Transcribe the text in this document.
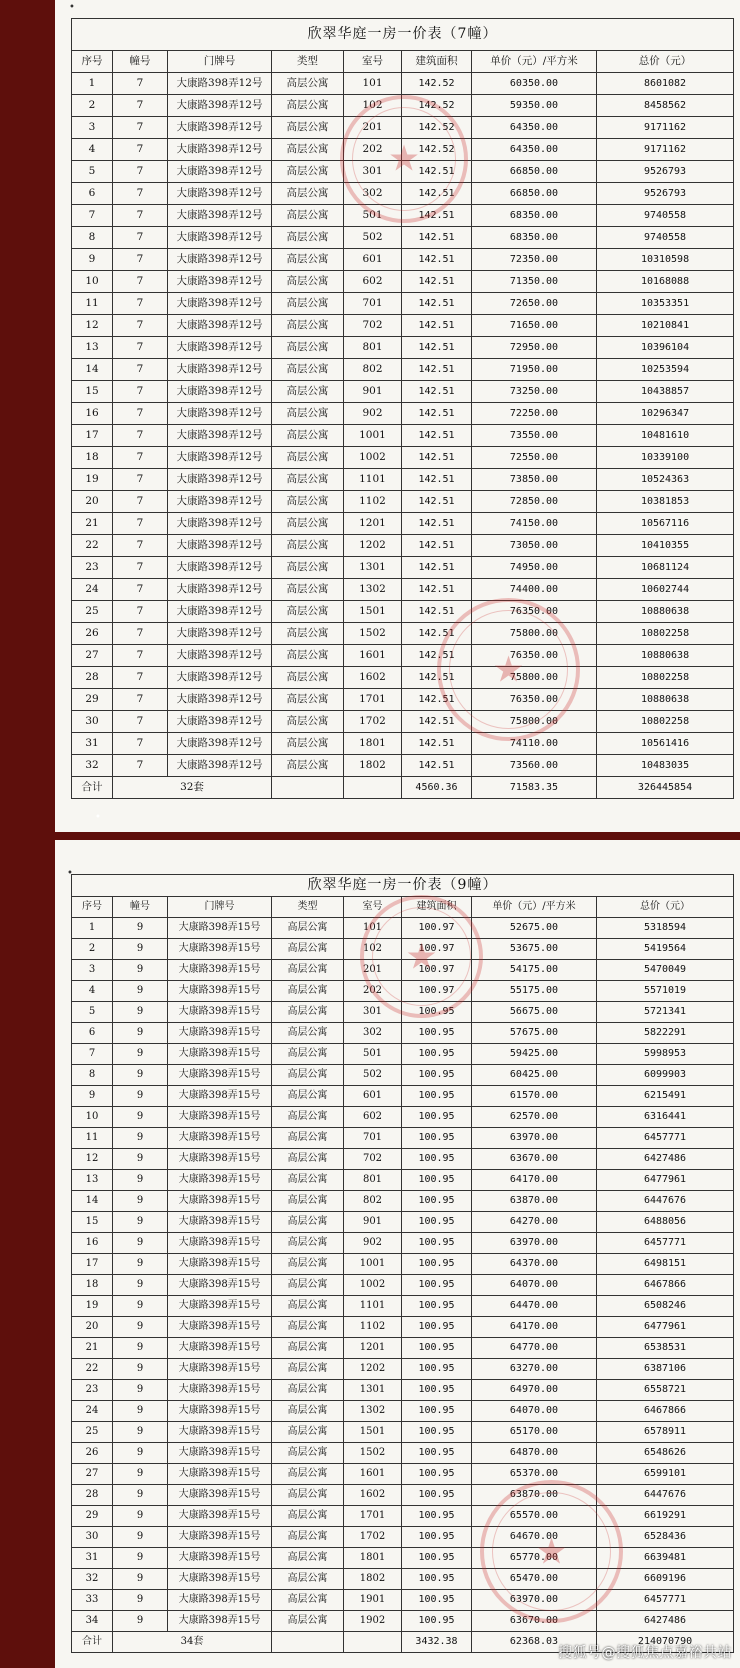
•
欣翠华庭一房一价表（7幢）							
序号	幢号	门牌号	类型	室号	建筑面积	单价（元）/平方米	总价（元）
1	7	大康路398弄12号	高层公寓	101	142.52	60350.00	8601082
2	7	大康路398弄12号	高层公寓	102	142.52	59350.00	8458562
3	7	大康路398弄12号	高层公寓	201	142.52	64350.00	9171162
4	7	大康路398弄12号	高层公寓	202	142.52	64350.00	9171162
5	7	大康路398弄12号	高层公寓	301	142.51	66850.00	9526793
6	7	大康路398弄12号	高层公寓	302	142.51	66850.00	9526793
7	7	大康路398弄12号	高层公寓	501	142.51	68350.00	9740558
8	7	大康路398弄12号	高层公寓	502	142.51	68350.00	9740558
9	7	大康路398弄12号	高层公寓	601	142.51	72350.00	10310598
10	7	大康路398弄12号	高层公寓	602	142.51	71350.00	10168088
11	7	大康路398弄12号	高层公寓	701	142.51	72650.00	10353351
12	7	大康路398弄12号	高层公寓	702	142.51	71650.00	10210841
13	7	大康路398弄12号	高层公寓	801	142.51	72950.00	10396104
14	7	大康路398弄12号	高层公寓	802	142.51	71950.00	10253594
15	7	大康路398弄12号	高层公寓	901	142.51	73250.00	10438857
16	7	大康路398弄12号	高层公寓	902	142.51	72250.00	10296347
17	7	大康路398弄12号	高层公寓	1001	142.51	73550.00	10481610
18	7	大康路398弄12号	高层公寓	1002	142.51	72550.00	10339100
19	7	大康路398弄12号	高层公寓	1101	142.51	73850.00	10524363
20	7	大康路398弄12号	高层公寓	1102	142.51	72850.00	10381853
21	7	大康路398弄12号	高层公寓	1201	142.51	74150.00	10567116
22	7	大康路398弄12号	高层公寓	1202	142.51	73050.00	10410355
23	7	大康路398弄12号	高层公寓	1301	142.51	74950.00	10681124
24	7	大康路398弄12号	高层公寓	1302	142.51	74400.00	10602744
25	7	大康路398弄12号	高层公寓	1501	142.51	76350.00	10880638
26	7	大康路398弄12号	高层公寓	1502	142.51	75800.00	10802258
27	7	大康路398弄12号	高层公寓	1601	142.51	76350.00	10880638
28	7	大康路398弄12号	高层公寓	1602	142.51	75800.00	10802258
29	7	大康路398弄12号	高层公寓	1701	142.51	76350.00	10880638
30	7	大康路398弄12号	高层公寓	1702	142.51	75800.00	10802258
31	7	大康路398弄12号	高层公寓	1801	142.51	74110.00	10561416
32	7	大康路398弄12号	高层公寓	1802	142.51	73560.00	10483035
合计	32套				4560.36	71583.35	326445854
★
★
•
•
欣翠华庭一房一价表（9幢）							
序号	幢号	门牌号	类型	室号	建筑面积	单价（元）/平方米	总价（元）
1	9	大康路398弄15号	高层公寓	101	100.97	52675.00	5318594
2	9	大康路398弄15号	高层公寓	102	100.97	53675.00	5419564
3	9	大康路398弄15号	高层公寓	201	100.97	54175.00	5470049
4	9	大康路398弄15号	高层公寓	202	100.97	55175.00	5571019
5	9	大康路398弄15号	高层公寓	301	100.95	56675.00	5721341
6	9	大康路398弄15号	高层公寓	302	100.95	57675.00	5822291
7	9	大康路398弄15号	高层公寓	501	100.95	59425.00	5998953
8	9	大康路398弄15号	高层公寓	502	100.95	60425.00	6099903
9	9	大康路398弄15号	高层公寓	601	100.95	61570.00	6215491
10	9	大康路398弄15号	高层公寓	602	100.95	62570.00	6316441
11	9	大康路398弄15号	高层公寓	701	100.95	63970.00	6457771
12	9	大康路398弄15号	高层公寓	702	100.95	63670.00	6427486
13	9	大康路398弄15号	高层公寓	801	100.95	64170.00	6477961
14	9	大康路398弄15号	高层公寓	802	100.95	63870.00	6447676
15	9	大康路398弄15号	高层公寓	901	100.95	64270.00	6488056
16	9	大康路398弄15号	高层公寓	902	100.95	63970.00	6457771
17	9	大康路398弄15号	高层公寓	1001	100.95	64370.00	6498151
18	9	大康路398弄15号	高层公寓	1002	100.95	64070.00	6467866
19	9	大康路398弄15号	高层公寓	1101	100.95	64470.00	6508246
20	9	大康路398弄15号	高层公寓	1102	100.95	64170.00	6477961
21	9	大康路398弄15号	高层公寓	1201	100.95	64770.00	6538531
22	9	大康路398弄15号	高层公寓	1202	100.95	63270.00	6387106
23	9	大康路398弄15号	高层公寓	1301	100.95	64970.00	6558721
24	9	大康路398弄15号	高层公寓	1302	100.95	64070.00	6467866
25	9	大康路398弄15号	高层公寓	1501	100.95	65170.00	6578911
26	9	大康路398弄15号	高层公寓	1502	100.95	64870.00	6548626
27	9	大康路398弄15号	高层公寓	1601	100.95	65370.00	6599101
28	9	大康路398弄15号	高层公寓	1602	100.95	63870.00	6447676
29	9	大康路398弄15号	高层公寓	1701	100.95	65570.00	6619291
30	9	大康路398弄15号	高层公寓	1702	100.95	64670.00	6528436
31	9	大康路398弄15号	高层公寓	1801	100.95	65770.00	6639481
32	9	大康路398弄15号	高层公寓	1802	100.95	65470.00	6609196
33	9	大康路398弄15号	高层公寓	1901	100.95	63970.00	6457771
34	9	大康路398弄15号	高层公寓	1902	100.95	63670.00	6427486
合计	34套				3432.38	62368.03	214070790
★
★
搜狐号@搜狐焦点嘉裕共站
